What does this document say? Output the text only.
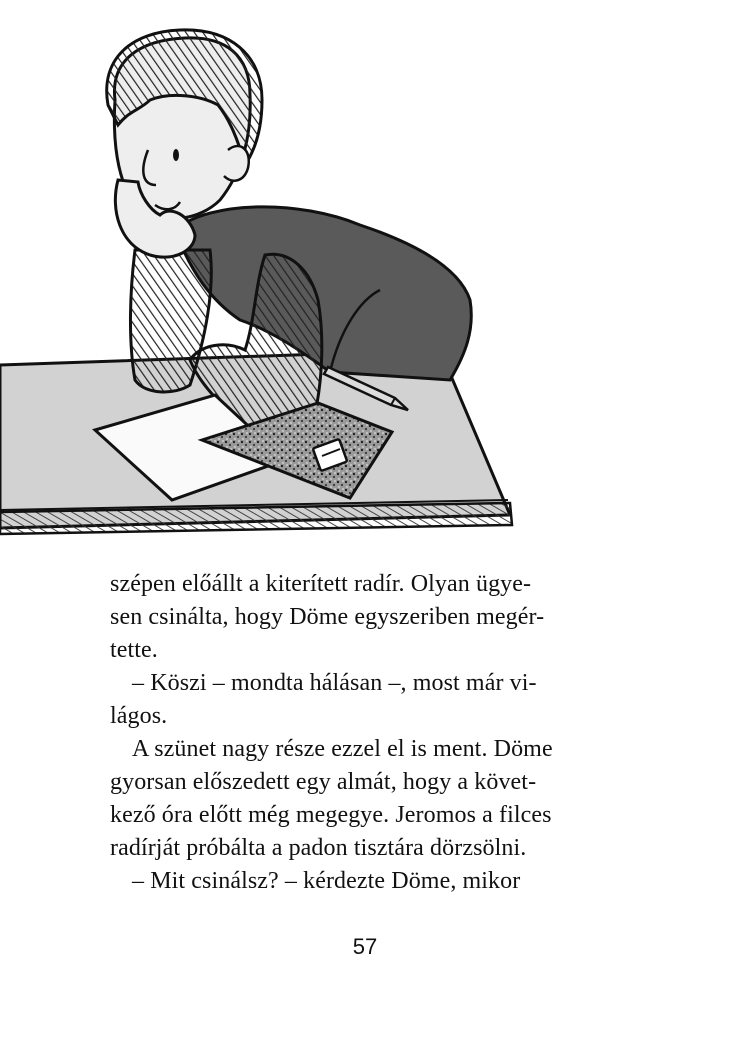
szépen előállt a kiterített radír. Olyan ügye-
sen csinálta, hogy Döme egyszeriben megér-
tette.
– Köszi – mondta hálásan –, most már vi-
lágos.
A szünet nagy része ezzel el is ment. Döme
gyorsan előszedett egy almát, hogy a követ-
kező óra előtt még megegye. Jeromos a filces
radírját próbálta a padon tisztára dörzsölni.
– Mit csinálsz? – kérdezte Döme, mikor
57
